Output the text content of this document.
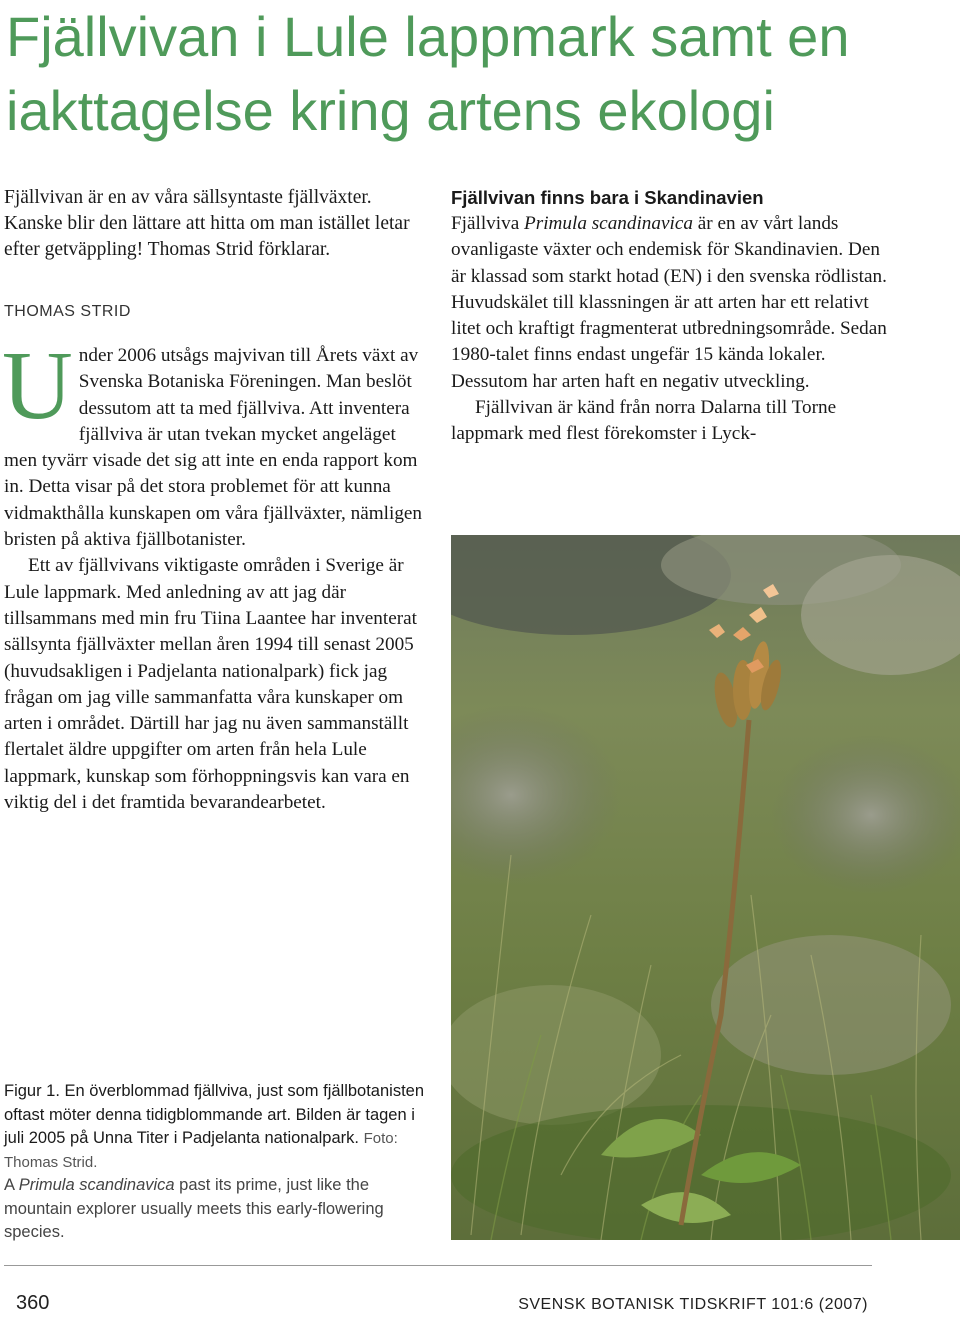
Fjällvivan i Lule lappmark samt en iakttagelse kring artens ekologi

Fjällvivan är en av våra sällsyntaste fjällväxter. Kanske blir den lättare att hitta om man istället letar efter getväppling! Thomas Strid förklarar.

THOMAS STRID

Under 2006 utsågs majvivan till Årets växt av Svenska Botaniska Föreningen. Man beslöt dessutom att ta med fjällviva. Att inventera fjällviva är utan tvekan mycket angeläget men tyvärr visade det sig att inte en enda rapport kom in. Detta visar på det stora problemet för att kunna vidmakthålla kunskapen om våra fjällväxter, nämligen bristen på aktiva fjällbotanister.

Ett av fjällvivans viktigaste områden i Sverige är Lule lappmark. Med anledning av att jag där tillsammans med min fru Tiina Laantee har inventerat sällsynta fjällväxter mellan åren 1994 till senast 2005 (huvudsakligen i Padjelanta nationalpark) fick jag frågan om jag ville sammanfatta våra kunskaper om arten i området. Därtill har jag nu även sammanställt flertalet äldre uppgifter om arten från hela Lule lappmark, kunskap som förhoppningsvis kan vara en viktig del i det framtida bevarandearbetet.

Fjällvivan finns bara i Skandinavien

Fjällviva Primula scandinavica är en av vårt lands ovanligaste växter och endemisk för Skandinavien. Den är klassad som starkt hotad (EN) i den svenska rödlistan. Huvudskälet till klassningen är att arten har ett relativt litet och kraftigt fragmenterat utbredningsområde. Sedan 1980-talet finns endast ungefär 15 kända lokaler. Dessutom har arten haft en negativ utveckling.

Fjällvivan är känd från norra Dalarna till Torne lappmark med flest förekomster i Lyck-

Figur 1. En överblommad fjällviva, just som fjällbotanisten oftast möter denna tidigblommande art. Bilden är tagen i juli 2005 på Unna Titer i Padjelanta nationalpark. Foto: Thomas Strid.
A Primula scandinavica past its prime, just like the mountain explorer usually meets this early-flowering species.
360	SVENSK BOTANISK TIDSKRIFT 101:6 (2007)
